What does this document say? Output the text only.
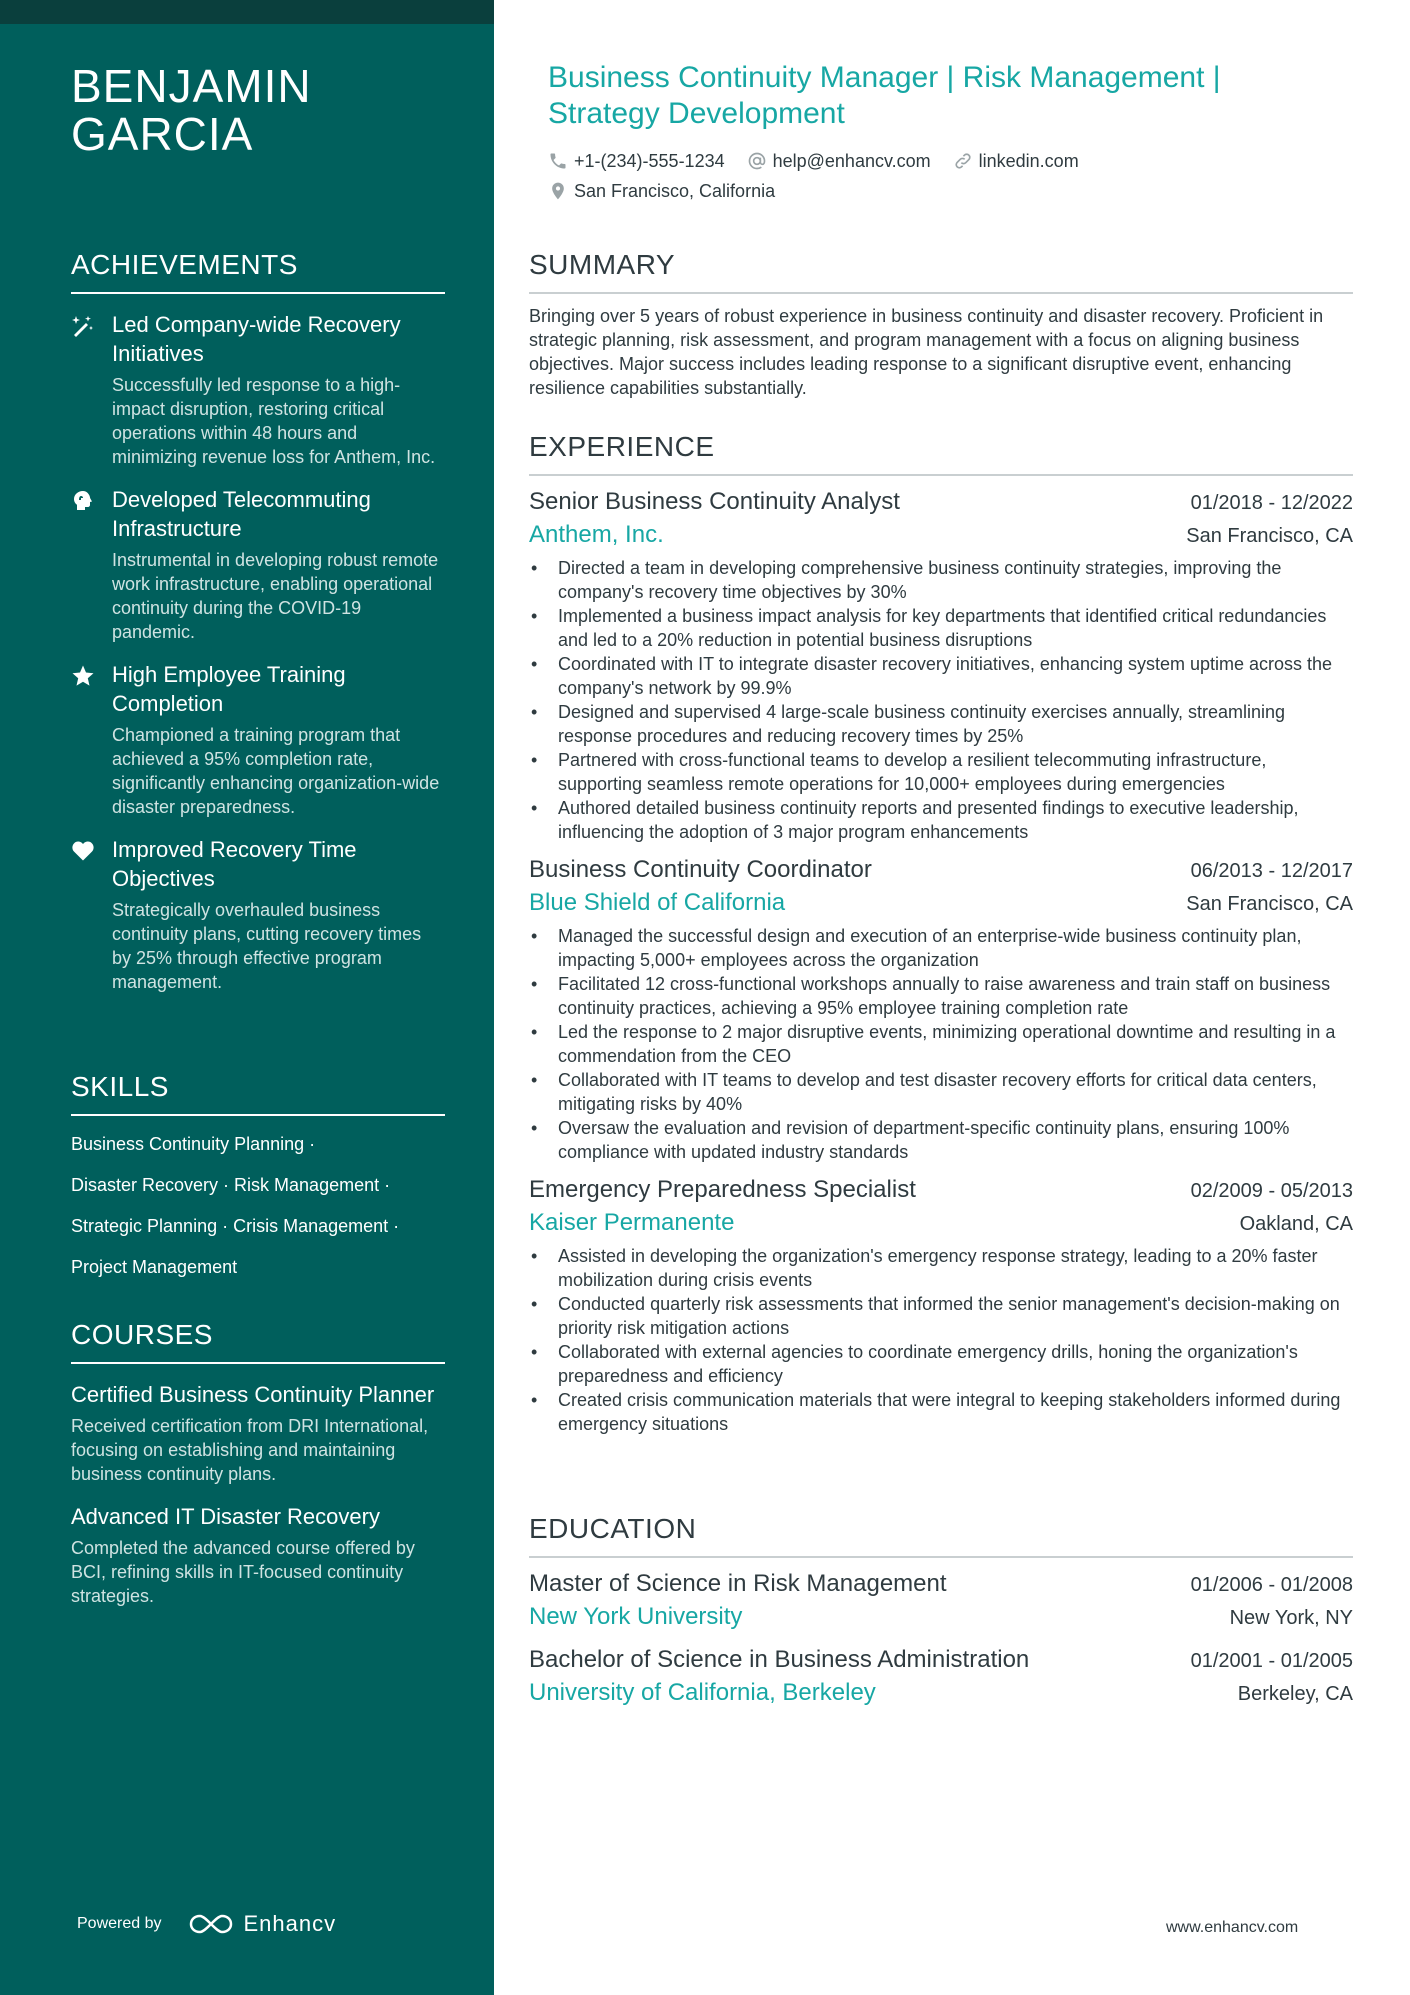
BENJAMIN GARCIA
ACHIEVEMENTS
Led Company-wide Recovery Initiatives
Successfully led response to a high-impact disruption, restoring critical operations within 48 hours and minimizing revenue loss for Anthem, Inc.
Developed Telecommuting Infrastructure
Instrumental in developing robust remote work infrastructure, enabling operational continuity during the COVID-19 pandemic.
High Employee Training Completion
Championed a training program that achieved a 95% completion rate, significantly enhancing organization-wide disaster preparedness.
Improved Recovery Time Objectives
Strategically overhauled business continuity plans, cutting recovery times by 25% through effective program management.
SKILLS
Business Continuity Planning ·
Disaster Recovery · Risk Management ·
Strategic Planning · Crisis Management ·
Project Management
COURSES
Certified Business Continuity Planner
Received certification from DRI International, focusing on establishing and maintaining business continuity plans.
Advanced IT Disaster Recovery
Completed the advanced course offered by BCI, refining skills in IT-focused continuity strategies.
Powered by	Enhancv
Business Continuity Manager | Risk Management | Strategy Development
+1-(234)-555-1234	help@enhancv.com	linkedin.com
San Francisco, California
SUMMARY

Bringing over 5 years of robust experience in business continuity and disaster recovery. Proficient in strategic planning, risk assessment, and program management with a focus on aligning business objectives. Major success includes leading response to a significant disruptive event, enhancing resilience capabilities substantially.

EXPERIENCE
Senior Business Continuity Analyst	01/2018 - 12/2022
Anthem, Inc.	San Francisco, CA
• Directed a team in developing comprehensive business continuity strategies, improving the company's recovery time objectives by 30%
• Implemented a business impact analysis for key departments that identified critical redundancies and led to a 20% reduction in potential business disruptions
• Coordinated with IT to integrate disaster recovery initiatives, enhancing system uptime across the company's network by 99.9%
• Designed and supervised 4 large-scale business continuity exercises annually, streamlining response procedures and reducing recovery times by 25%
• Partnered with cross-functional teams to develop a resilient telecommuting infrastructure, supporting seamless remote operations for 10,000+ employees during emergencies
• Authored detailed business continuity reports and presented findings to executive leadership, influencing the adoption of 3 major program enhancements
Business Continuity Coordinator	06/2013 - 12/2017
Blue Shield of California	San Francisco, CA
• Managed the successful design and execution of an enterprise-wide business continuity plan, impacting 5,000+ employees across the organization
• Facilitated 12 cross-functional workshops annually to raise awareness and train staff on business continuity practices, achieving a 95% employee training completion rate
• Led the response to 2 major disruptive events, minimizing operational downtime and resulting in a commendation from the CEO
• Collaborated with IT teams to develop and test disaster recovery efforts for critical data centers, mitigating risks by 40%
• Oversaw the evaluation and revision of department-specific continuity plans, ensuring 100% compliance with updated industry standards
Emergency Preparedness Specialist	02/2009 - 05/2013
Kaiser Permanente	Oakland, CA
• Assisted in developing the organization's emergency response strategy, leading to a 20% faster mobilization during crisis events
• Conducted quarterly risk assessments that informed the senior management's decision-making on priority risk mitigation actions
• Collaborated with external agencies to coordinate emergency drills, honing the organization's preparedness and efficiency
• Created crisis communication materials that were integral to keeping stakeholders informed during emergency situations
EDUCATION
Master of Science in Risk Management	01/2006 - 01/2008
New York University	New York, NY
Bachelor of Science in Business Administration	01/2001 - 01/2005
University of California, Berkeley	Berkeley, CA
www.enhancv.com
